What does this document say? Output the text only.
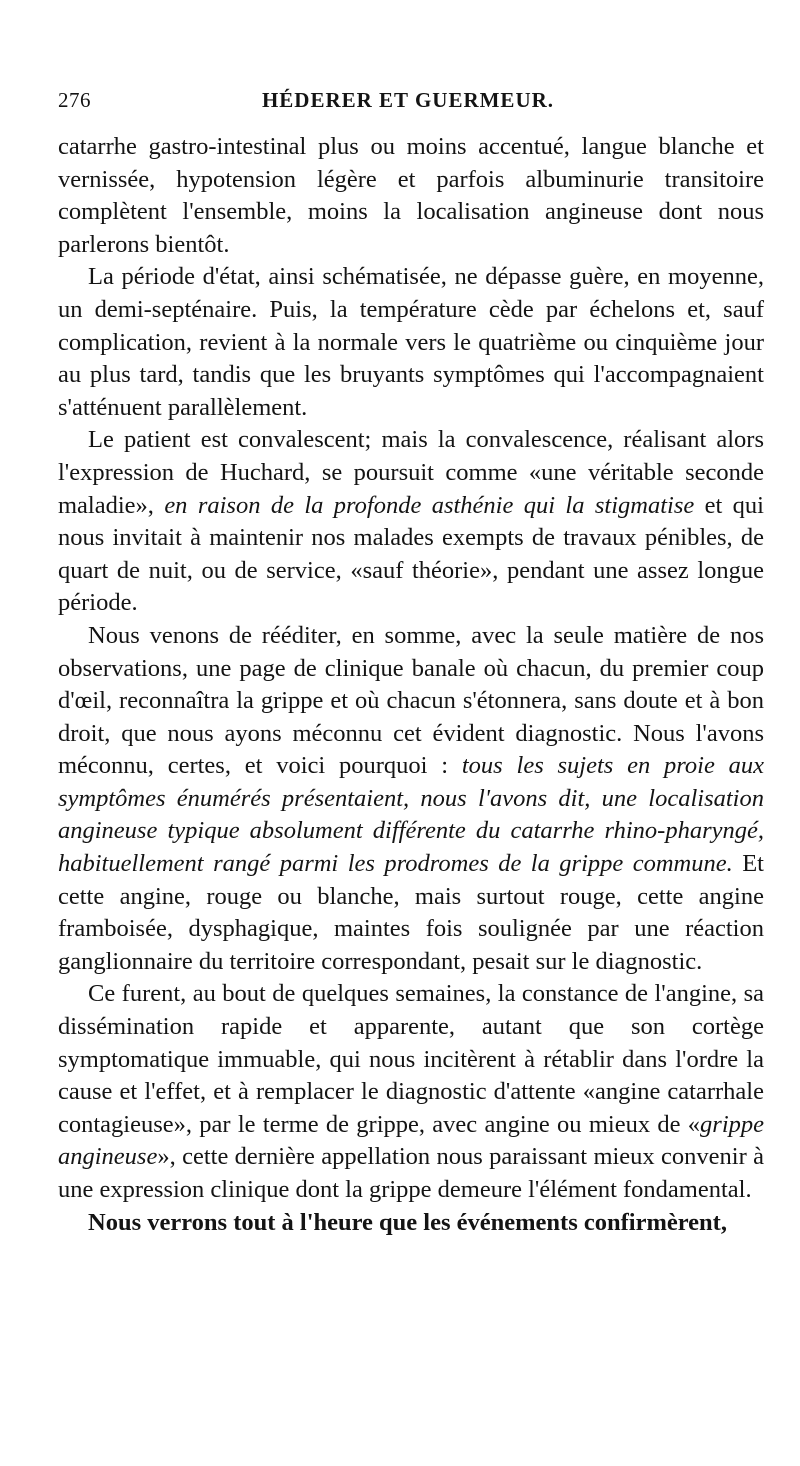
276	HÉDERER ET GUERMEUR.

catarrhe gastro-intestinal plus ou moins accentué, langue blanche et vernissée, hypotension légère et parfois albuminurie transitoire complètent l'ensemble, moins la localisation angineuse dont nous parlerons bientôt.

La période d'état, ainsi schématisée, ne dépasse guère, en moyenne, un demi-septénaire. Puis, la température cède par échelons et, sauf complication, revient à la normale vers le quatrième ou cinquième jour au plus tard, tandis que les bruyants symptômes qui l'accompagnaient s'atténuent parallèlement.

Le patient est convalescent; mais la convalescence, réalisant alors l'expression de Huchard, se poursuit comme «une véritable seconde maladie», en raison de la profonde asthénie qui la stigmatise et qui nous invitait à maintenir nos malades exempts de travaux pénibles, de quart de nuit, ou de service, «sauf théorie», pendant une assez longue période.

Nous venons de rééditer, en somme, avec la seule matière de nos observations, une page de clinique banale où chacun, du premier coup d'œil, reconnaîtra la grippe et où chacun s'étonnera, sans doute et à bon droit, que nous ayons méconnu cet évident diagnostic. Nous l'avons méconnu, certes, et voici pourquoi : tous les sujets en proie aux symptômes énumérés présentaient, nous l'avons dit, une localisation angineuse typique absolument différente du catarrhe rhino-pharyngé, habituellement rangé parmi les prodromes de la grippe commune. Et cette angine, rouge ou blanche, mais surtout rouge, cette angine framboisée, dysphagique, maintes fois soulignée par une réaction ganglionnaire du territoire correspondant, pesait sur le diagnostic.

Ce furent, au bout de quelques semaines, la constance de l'angine, sa dissémination rapide et apparente, autant que son cortège symptomatique immuable, qui nous incitèrent à rétablir dans l'ordre la cause et l'effet, et à remplacer le diagnostic d'attente «angine catarrhale contagieuse», par le terme de grippe, avec angine ou mieux de «grippe angineuse», cette dernière appellation nous paraissant mieux convenir à une expression clinique dont la grippe demeure l'élément fondamental.

Nous verrons tout à l'heure que les événements confirmèrent,
